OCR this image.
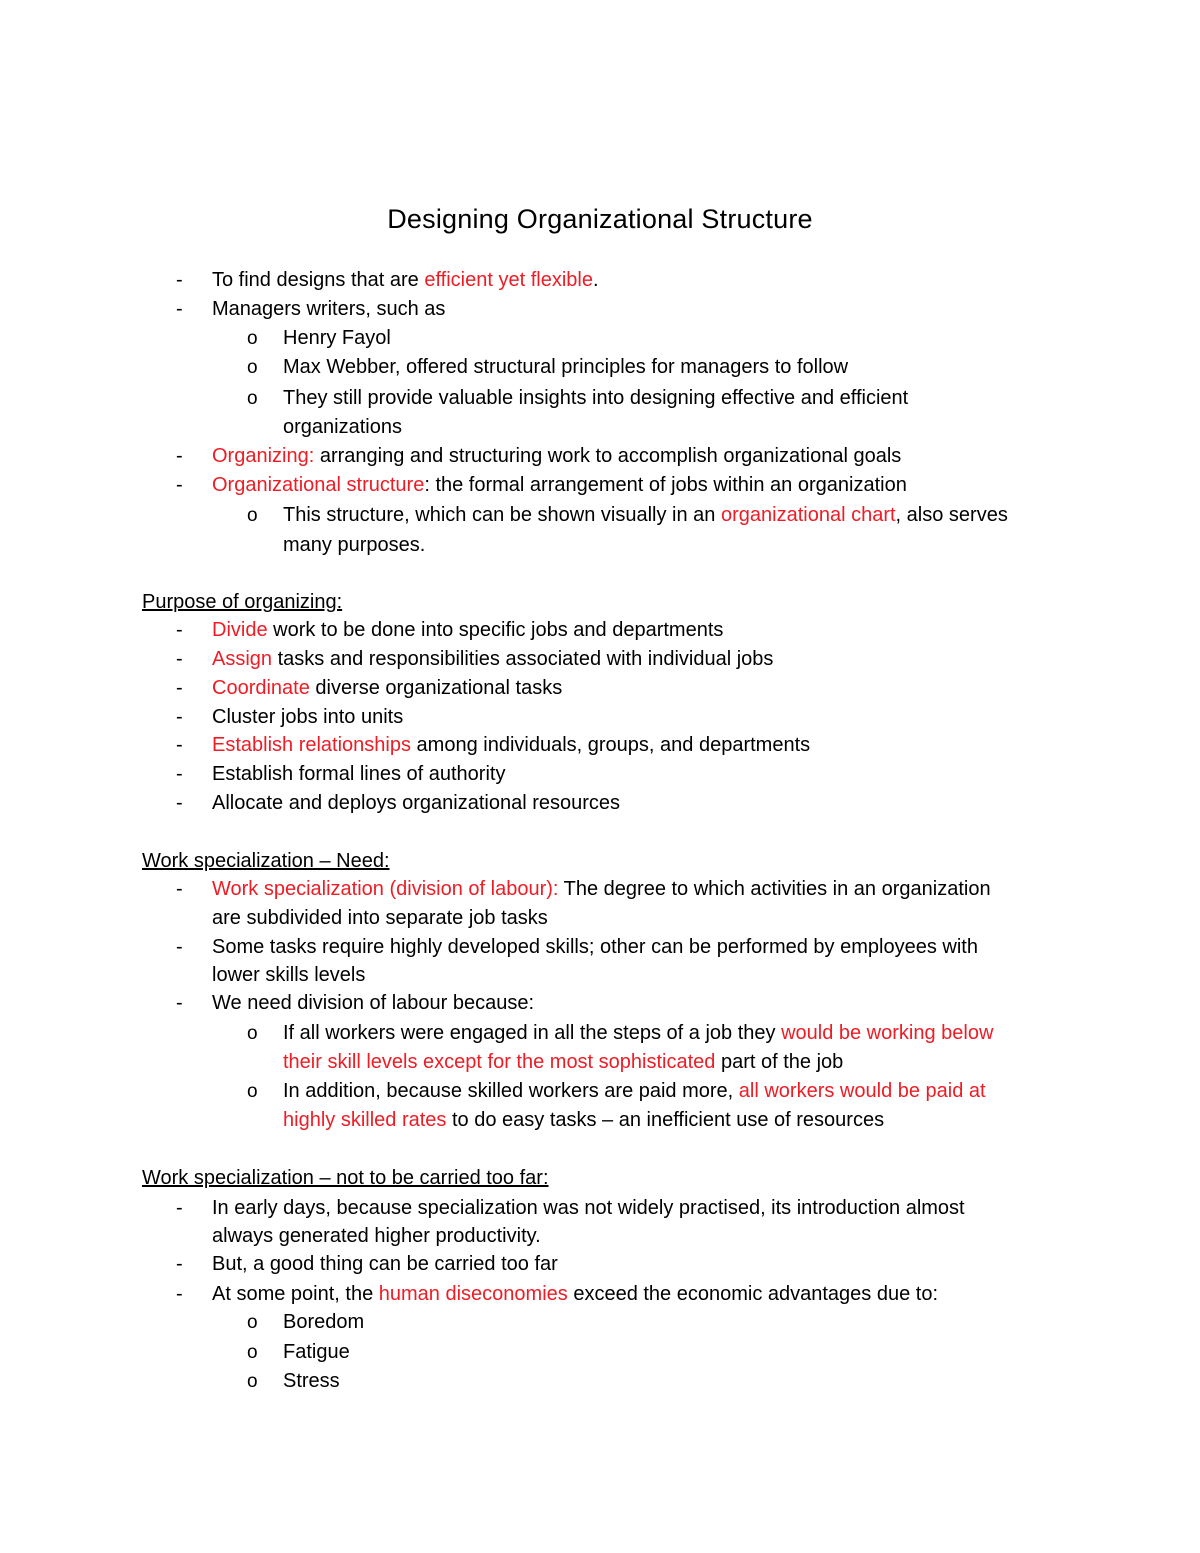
Designing Organizational Structure
- To find designs that are efficient yet flexible.
- Managers writers, such as
o Henry Fayol
o Max Webber, offered structural principles for managers to follow
o They still provide valuable insights into designing effective and efficient
organizations
- Organizing: arranging and structuring work to accomplish organizational goals
- Organizational structure: the formal arrangement of jobs within an organization
o This structure, which can be shown visually in an organizational chart, also serves
many purposes.
Purpose of organizing:
- Divide work to be done into specific jobs and departments
- Assign tasks and responsibilities associated with individual jobs
- Coordinate diverse organizational tasks
- Cluster jobs into units
- Establish relationships among individuals, groups, and departments
- Establish formal lines of authority
- Allocate and deploys organizational resources
Work specialization – Need:
- Work specialization (division of labour): The degree to which activities in an organization
are subdivided into separate job tasks
- Some tasks require highly developed skills; other can be performed by employees with
lower skills levels
- We need division of labour because:
o If all workers were engaged in all the steps of a job they would be working below
their skill levels except for the most sophisticated part of the job
o In addition, because skilled workers are paid more, all workers would be paid at
highly skilled rates to do easy tasks – an inefficient use of resources
Work specialization – not to be carried too far:
- In early days, because specialization was not widely practised, its introduction almost
always generated higher productivity.
- But, a good thing can be carried too far
- At some point, the human diseconomies exceed the economic advantages due to:
o Boredom
o Fatigue
o Stress
